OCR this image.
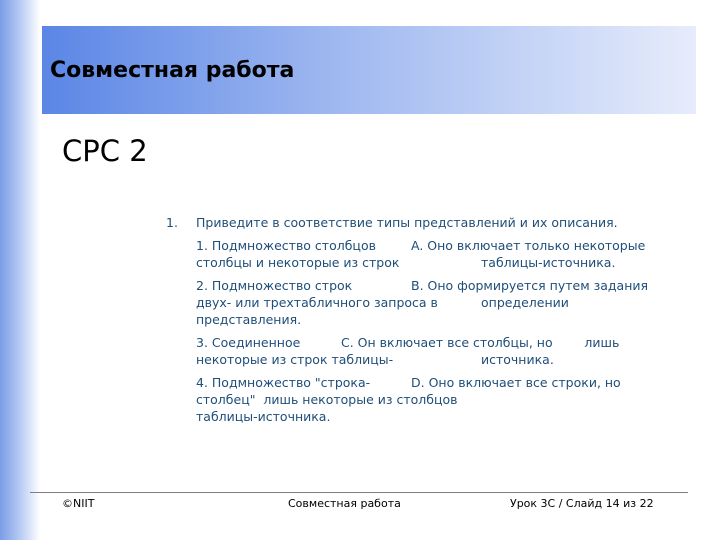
Совместная работа
СРС 2
1.	Приведите в соответствие типы представлений и их описания.
1. Подмножество столбцов	A. Оно включает только некоторые
столбцы и некоторые из строк	таблицы-источника.
2. Подмножество строк	B. Оно формируется путем задания
двух- или трехтабличного запроса в	определении
представления.
3. Соединенное	C. Он включает все столбцы, но        лишь
некоторые из строк таблицы-	источника.
4. Подмножество "строка-	D. Оно включает все строки, но
столбец"  лишь некоторые из столбцов
таблицы-источника.
©NIIT	Совместная работа	Урок 3C / Слайд 14 из 22
